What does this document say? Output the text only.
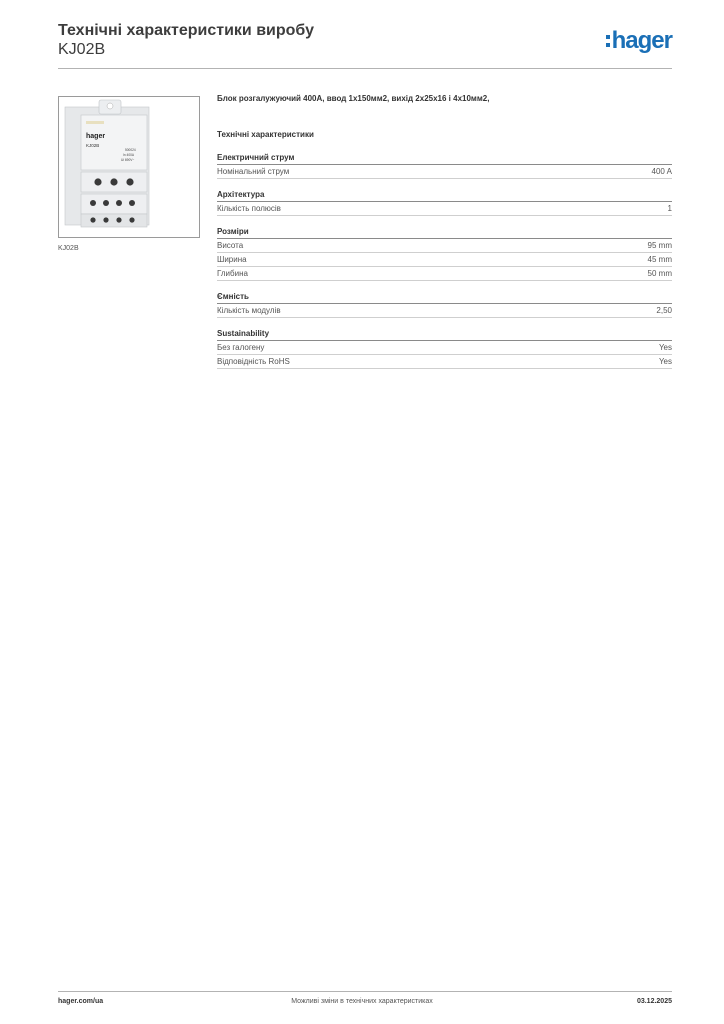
Технічні характеристики виробу
KJ02B	hager
hager
KJ02B
500024
In 400A
Ui 690V~
KJ02B
Блок розгалужуючий 400А, ввод 1х150мм2, вихід 2х25х16 і 4х10мм2,
Технічні характеристики
Електричний струм
Номінальний струм	400 A
Архітектура
Кількість полюсів	1
Розміри
Висота	95 mm
Ширина	45 mm
Глибина	50 mm
Ємність
Кількість модулів	2,50
Sustainability
Без галогену	Yes
Відповідність RoHS	Yes
hager.com/ua	Можливі зміни в технічних характеристиках	03.12.2025
